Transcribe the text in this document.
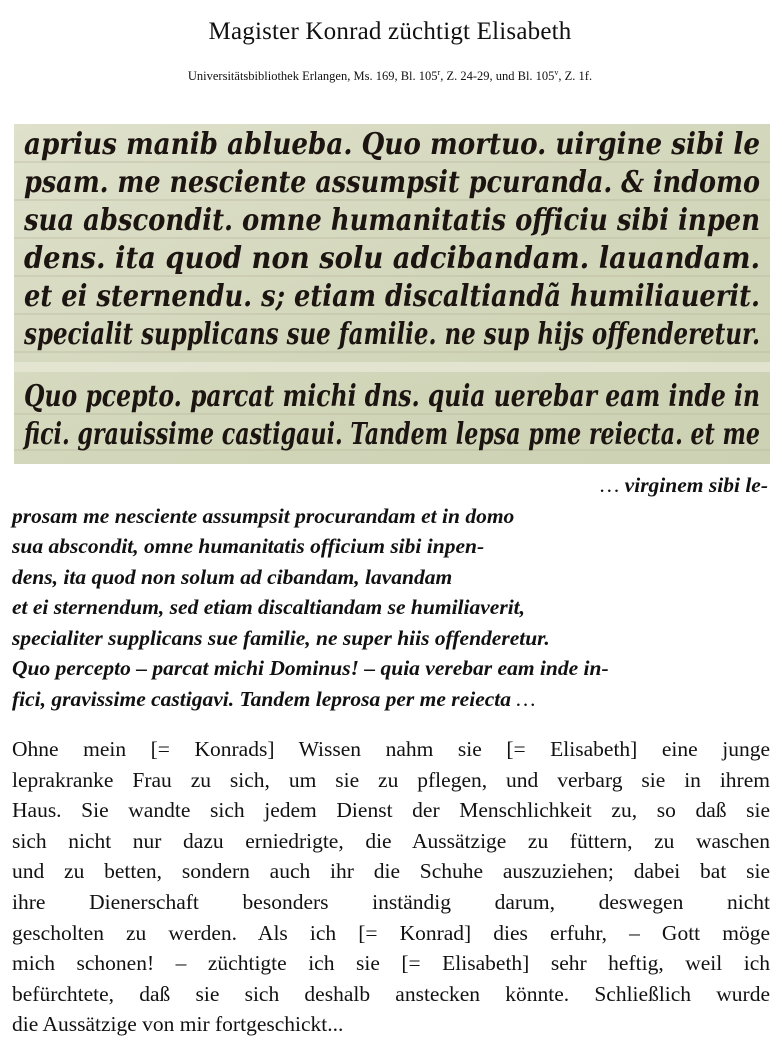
Magister Konrad züchtigt Elisabeth
Universitätsbibliothek Erlangen, Ms. 169, Bl. 105$^r$, Z. 24-29, und Bl. 105$^v$, Z. 1f.
aprius manib ablueba. Quo mortuo. uirgine sibi le
psam. me nesciente assumpsit pcuranda. & indomo
sua abscondit. omne humanitatis officiu sibi inpen
dens. ita quod non solu adcibandam. lauandam.
et ei sternendu. s; etiam discaltiandã humiliauerit.
specialit supplicans sue familie. ne sup hijs offenderetur.
Quo pcepto. parcat michi dns. quia uerebar eam inde in
fici. grauissime castigaui. Tandem lepsa pme reiecta. et me
… virginem sibi le-
prosam me nesciente assumpsit procurandam et in domo
sua abscondit, omne humanitatis officium sibi inpen-
dens, ita quod non solum ad cibandam, lavandam
et ei sternendum, sed etiam discaltiandam se humiliaverit,
specialiter supplicans sue familie, ne super hiis offenderetur.
Quo percepto – parcat michi Dominus! – quia verebar eam inde in-
fici, gravissime castigavi. Tandem leprosa per me reiecta …
Ohne mein [= Konrads] Wissen nahm sie [= Elisabeth] eine junge
leprakranke Frau zu sich, um sie zu pflegen, und verbarg sie in ihrem
Haus. Sie wandte sich jedem Dienst der Menschlichkeit zu, so daß sie
sich nicht nur dazu erniedrigte, die Aussätzige zu füttern, zu waschen
und zu betten, sondern auch ihr die Schuhe auszuziehen; dabei bat sie
ihre Dienerschaft besonders inständig darum, deswegen nicht
gescholten zu werden. Als ich [= Konrad] dies erfuhr, – Gott möge
mich schonen! – züchtigte ich sie [= Elisabeth] sehr heftig, weil ich
befürchtete, daß sie sich deshalb anstecken könnte. Schließlich wurde
die Aussätzige von mir fortgeschickt...
